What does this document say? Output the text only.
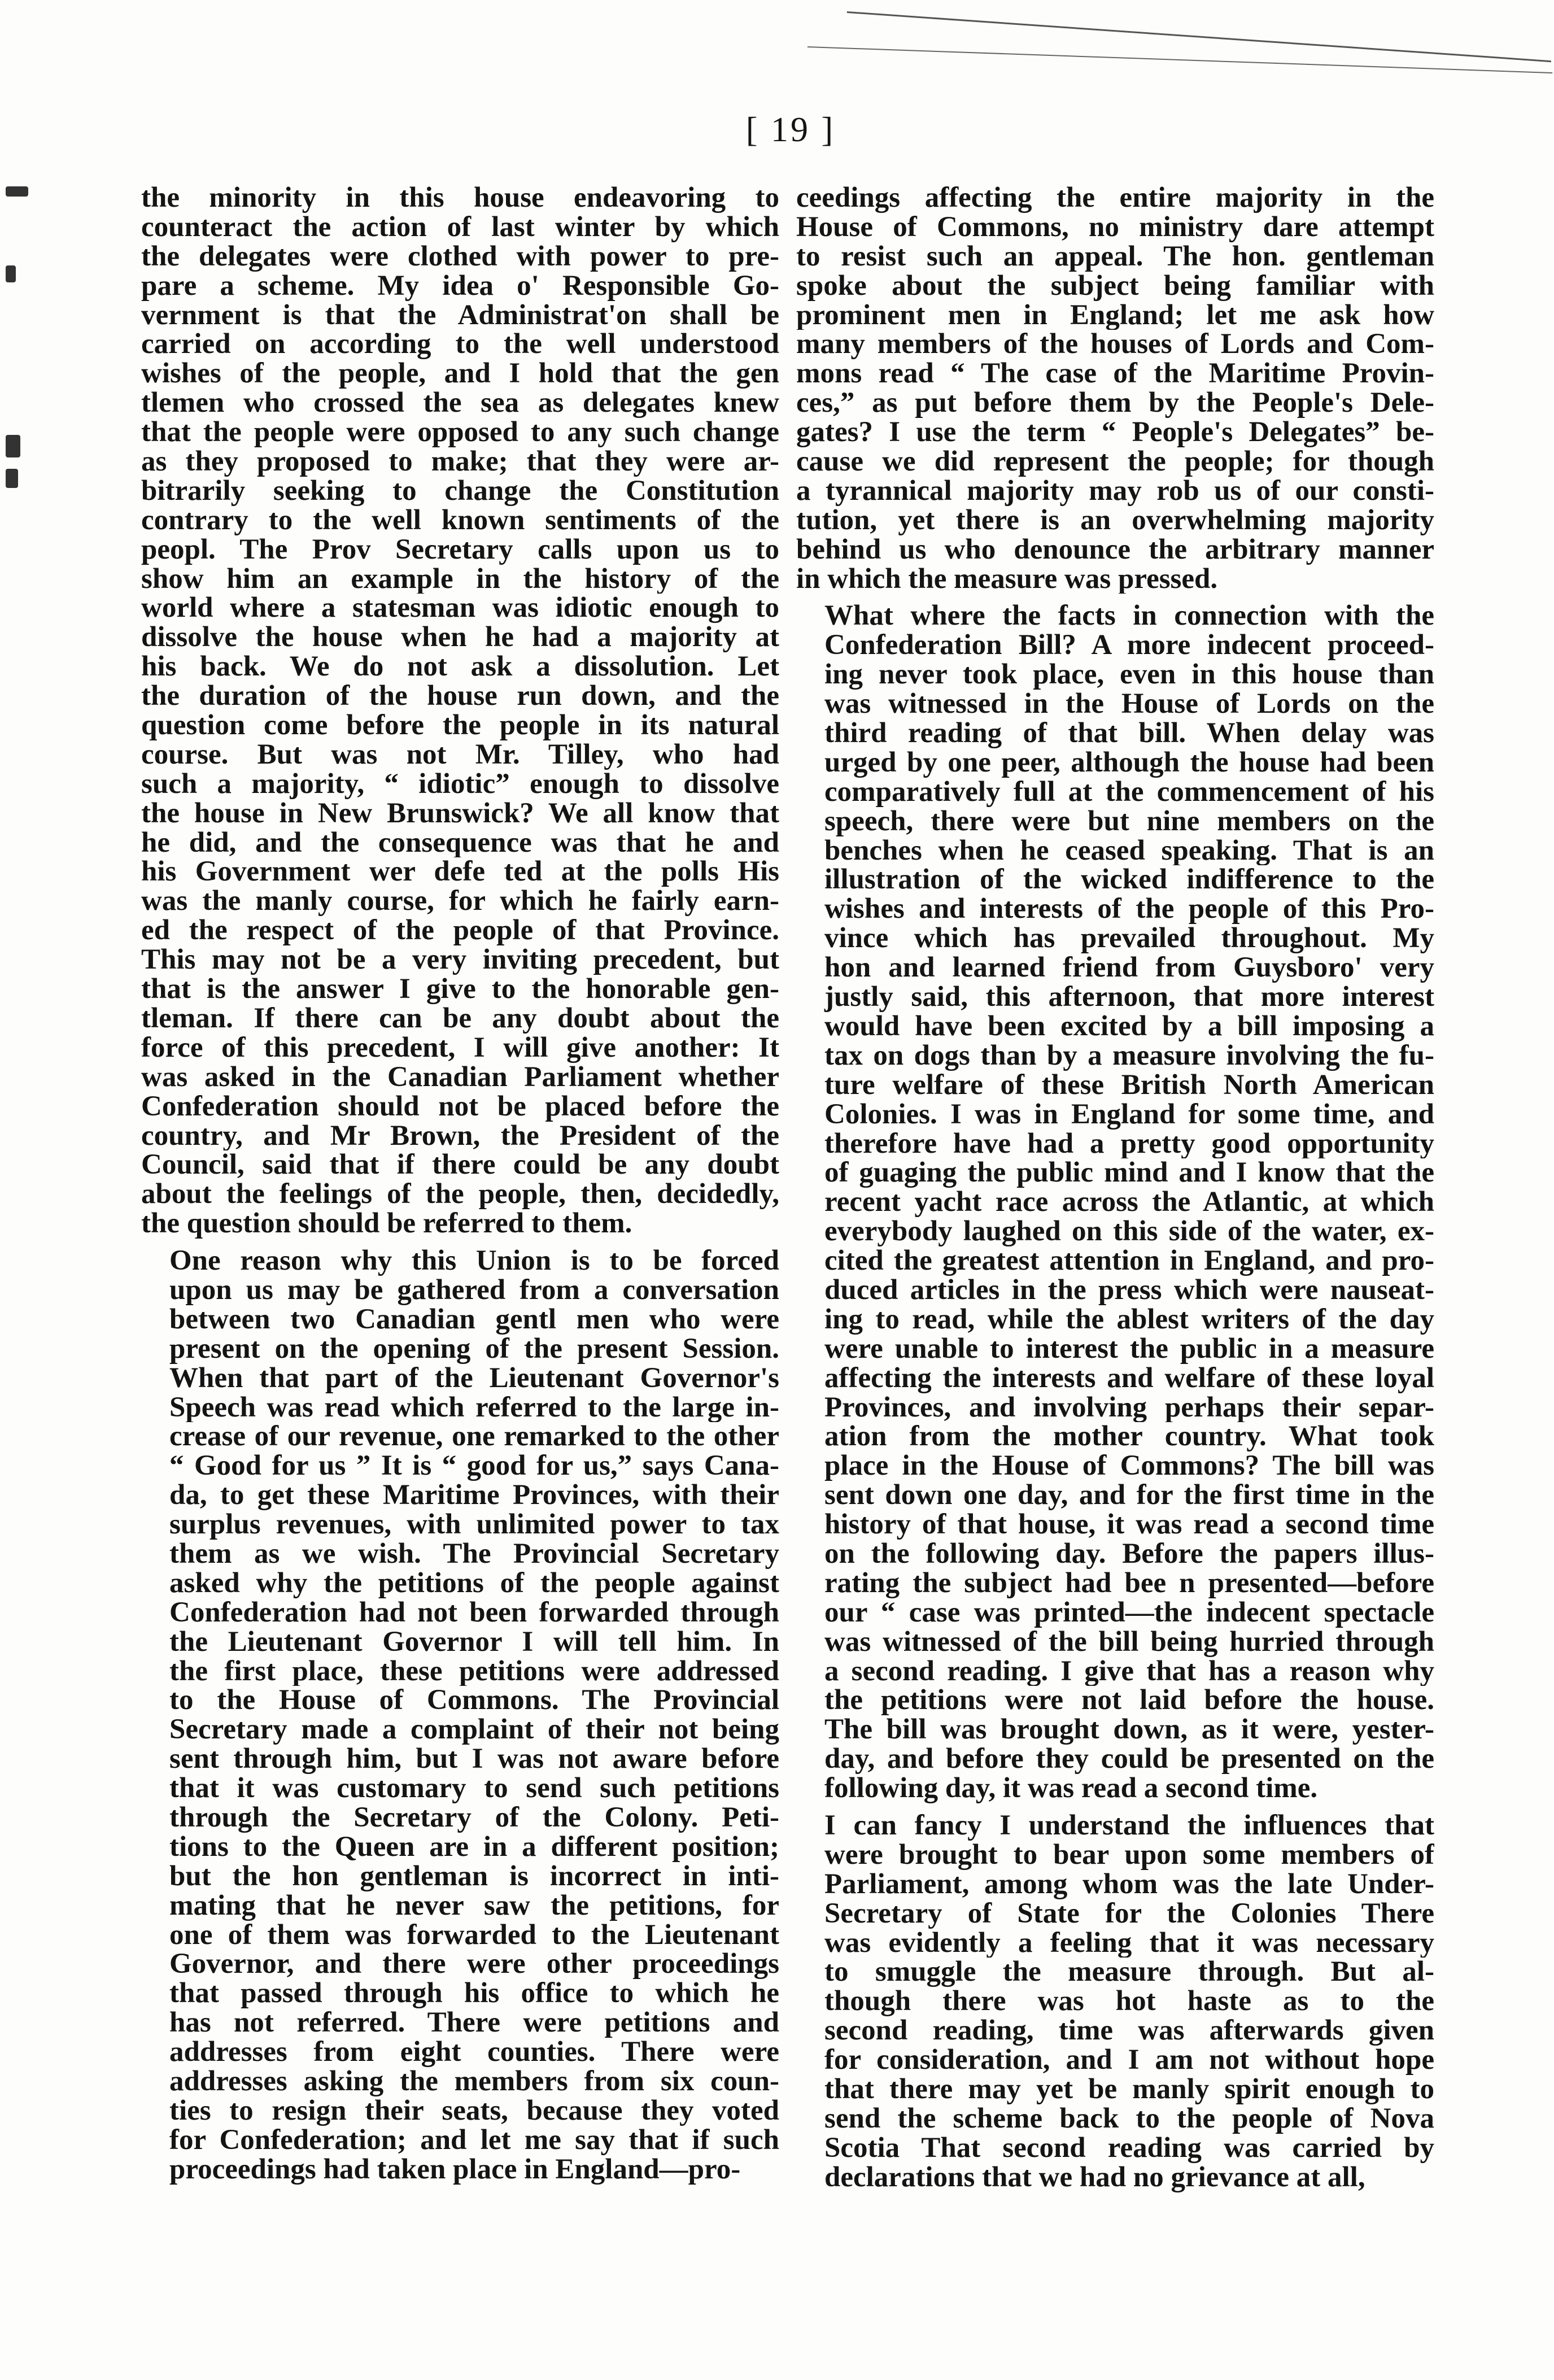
[ 19 ]

the minority in this house endeavoring to
counteract the action of last winter by which
the delegates were clothed with power to pre-
pare a scheme. My idea o' Responsible Go-
vernment is that the Administrat'on shall be
carried on according to the well understood
wishes of the people, and I hold that the gen
tlemen who crossed the sea as delegates knew
that the people were opposed to any such change
as they proposed to make; that they were ar-
bitrarily seeking to change the Constitution
contrary to the well known sentiments of the
peopl. The Prov Secretary calls upon us to
show him an example in the history of the
world where a statesman was idiotic enough to
dissolve the house when he had a majority at
his back. We do not ask a dissolution. Let
the duration of the house run down, and the
question come before the people in its natural
course. But was not Mr. Tilley, who had
such a majority, “ idiotic” enough to dissolve
the house in New Brunswick? We all know that
he did, and the consequence was that he and
his Government wer defe ted at the polls His
was the manly course, for which he fairly earn-
ed the respect of the people of that Province.
This may not be a very inviting precedent, but
that is the answer I give to the honorable gen-
tleman. If there can be any doubt about the
force of this precedent, I will give another: It
was asked in the Canadian Parliament whether
Confederation should not be placed before the
country, and Mr Brown, the President of the
Council, said that if there could be any doubt
about the feelings of the people, then, decidedly,
the question should be referred to them.

One reason why this Union is to be forced
upon us may be gathered from a conversation
between two Canadian gentl men who were
present on the opening of the present Session.
When that part of the Lieutenant Governor's
Speech was read which referred to the large in-
crease of our revenue, one remarked to the other
“ Good for us ” It is “ good for us,” says Cana-
da, to get these Maritime Provinces, with their
surplus revenues, with unlimited power to tax
them as we wish. The Provincial Secretary
asked why the petitions of the people against
Confederation had not been forwarded through
the Lieutenant Governor I will tell him. In
the first place, these petitions were addressed
to the House of Commons. The Provincial
Secretary made a complaint of their not being
sent through him, but I was not aware before
that it was customary to send such petitions
through the Secretary of the Colony. Peti-
tions to the Queen are in a different position;
but the hon gentleman is incorrect in inti-
mating that he never saw the petitions, for
one of them was forwarded to the Lieutenant
Governor, and there were other proceedings
that passed through his office to which he
has not referred. There were petitions and
addresses from eight counties. There were
addresses asking the members from six coun-
ties to resign their seats, because they voted
for Confederation; and let me say that if such
proceedings had taken place in England—pro-

ceedings affecting the entire majority in the
House of Commons, no ministry dare attempt
to resist such an appeal. The hon. gentleman
spoke about the subject being familiar with
prominent men in England; let me ask how
many members of the houses of Lords and Com-
mons read “ The case of the Maritime Provin-
ces,” as put before them by the People's Dele-
gates? I use the term “ People's Delegates” be-
cause we did represent the people; for though
a tyrannical majority may rob us of our consti-
tution, yet there is an overwhelming majority
behind us who denounce the arbitrary manner
in which the measure was pressed.

What where the facts in connection with the
Confederation Bill? A more indecent proceed-
ing never took place, even in this house than
was witnessed in the House of Lords on the
third reading of that bill. When delay was
urged by one peer, although the house had been
comparatively full at the commencement of his
speech, there were but nine members on the
benches when he ceased speaking. That is an
illustration of the wicked indifference to the
wishes and interests of the people of this Pro-
vince which has prevailed throughout. My
hon and learned friend from Guysboro' very
justly said, this afternoon, that more interest
would have been excited by a bill imposing a
tax on dogs than by a measure involving the fu-
ture welfare of these British North American
Colonies. I was in England for some time, and
therefore have had a pretty good opportunity
of guaging the public mind and I know that the
recent yacht race across the Atlantic, at which
everybody laughed on this side of the water, ex-
cited the greatest attention in England, and pro-
duced articles in the press which were nauseat-
ing to read, while the ablest writers of the day
were unable to interest the public in a measure
affecting the interests and welfare of these loyal
Provinces, and involving perhaps their separ-
ation from the mother country. What took
place in the House of Commons? The bill was
sent down one day, and for the first time in the
history of that house, it was read a second time
on the following day. Before the papers illus-
rating the subject had bee n presented—before
our “ case was printed—the indecent spectacle
was witnessed of the bill being hurried through
a second reading. I give that has a reason why
the petitions were not laid before the house.
The bill was brought down, as it were, yester-
day, and before they could be presented on the
following day, it was read a second time.

I can fancy I understand the influences that
were brought to bear upon some members of
Parliament, among whom was the late Under-
Secretary of State for the Colonies There
was evidently a feeling that it was necessary
to smuggle the measure through. But al-
though there was hot haste as to the
second reading, time was afterwards given
for consideration, and I am not without hope
that there may yet be manly spirit enough to
send the scheme back to the people of Nova
Scotia That second reading was carried by
declarations that we had no grievance at all,
